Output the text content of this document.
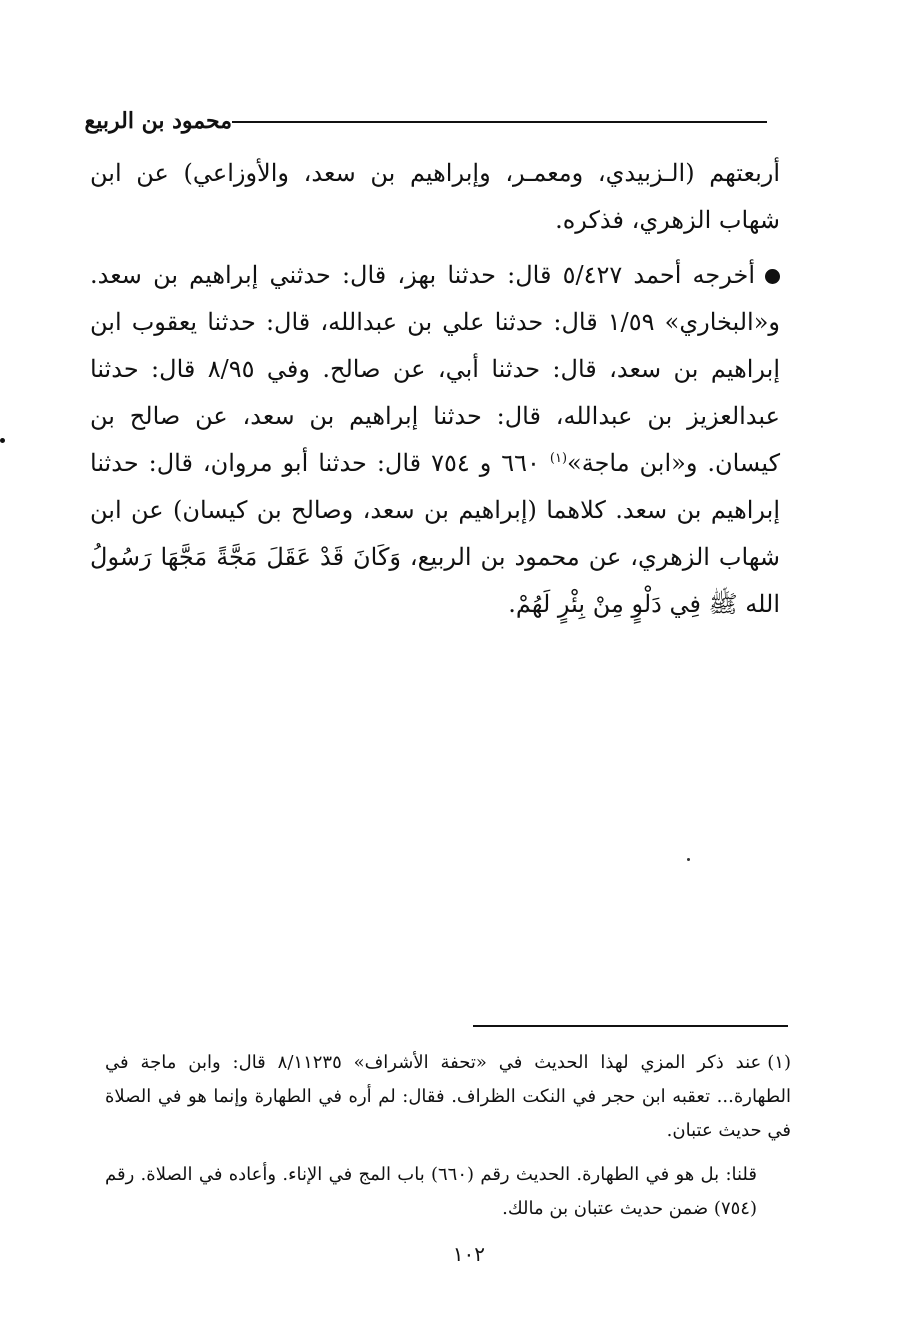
محمود بن الربيع

أربعتهم (الـزبيدي، ومعمـر، وإبراهيم بن سعد، والأوزاعي) عن ابن شهاب الزهري، فذكره.

أخرجه أحمد ٥/٤٢٧ قال: حدثنا بهز، قال: حدثني إبراهيم بن سعد. و«البخاري» ١/٥٩ قال: حدثنا علي بن عبدالله، قال: حدثنا يعقوب ابن إبراهيم بن سعد، قال: حدثنا أبي، عن صالح. وفي ٨/٩٥ قال: حدثنا عبدالعزيز بن عبدالله، قال: حدثنا إبراهيم بن سعد، عن صالح بن كيسان. و«ابن ماجة»$^{(١)}$ ٦٦٠ و ٧٥٤ قال: حدثنا أبو مروان، قال: حدثنا إبراهيم بن سعد. كلاهما (إبراهيم بن سعد، وصالح بن كيسان) عن ابن شهاب الزهري، عن محمود بن الربيع، وَكَانَ قَدْ عَقَلَ مَجَّةً مَجَّهَا رَسُولُ الله ﷺ فِي دَلْوٍ مِنْ بِئْرٍ لَهُمْ.

(١)عند ذكر المزي لهذا الحديث في «تحفة الأشراف» ٨/١١٢٣٥ قال: وابن ماجة في الطهارة... تعقبه ابن حجر في النكت الظراف. فقال: لم أره في الطهارة وإنما هو في الصلاة في حديث عتبان.

قلنا: بل هو في الطهارة. الحديث رقم (٦٦٠) باب المج في الإناء. وأعاده في الصلاة. رقم (٧٥٤) ضمن حديث عتبان بن مالك.

١٠٢
